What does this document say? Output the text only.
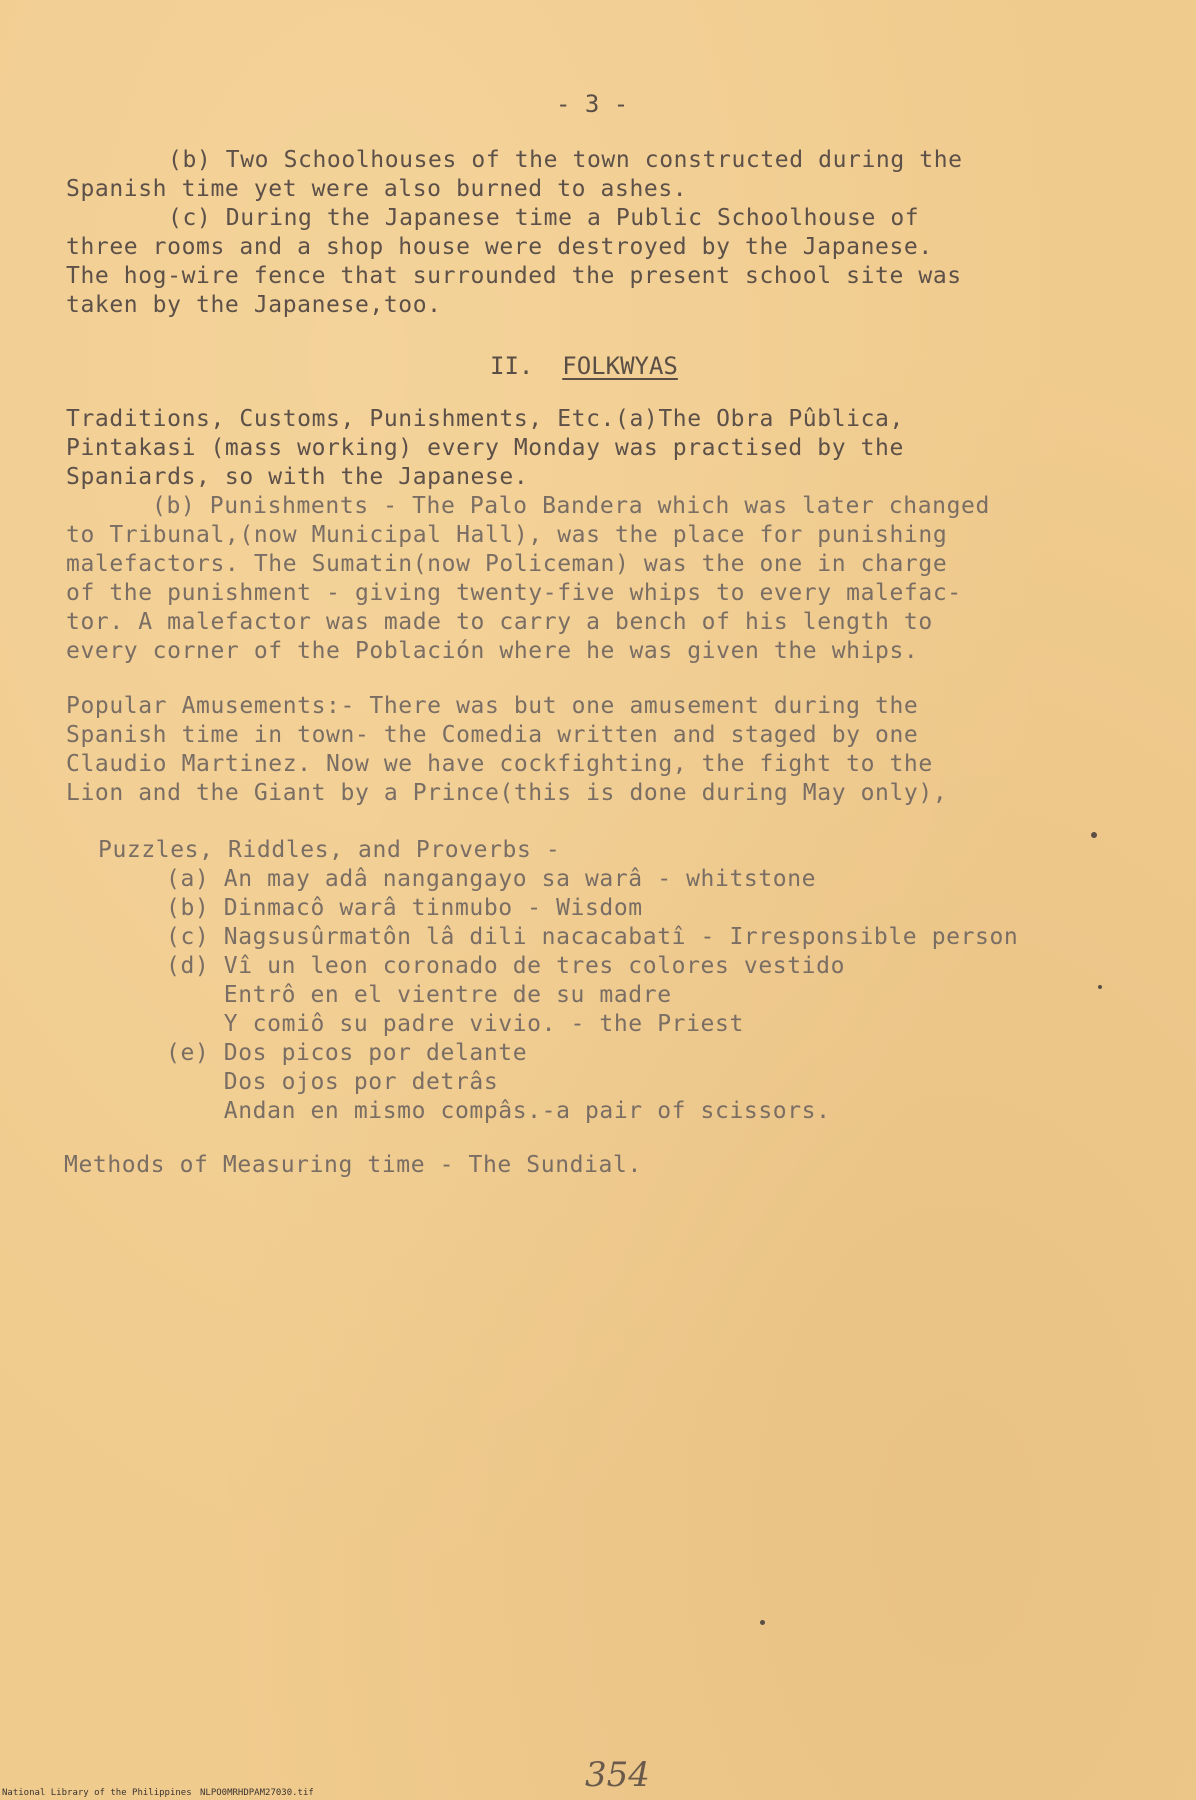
- 3 -
(b) Two Schoolhouses of the town constructed during the
Spanish time yet were also burned to ashes.
(c) During the Japanese time a Public Schoolhouse of
three rooms and a shop house were destroyed by the Japanese.
The hog-wire fence that surrounded the present school site was
taken by the Japanese,too.
II. FOLKWYAS
Traditions, Customs, Punishments, Etc.(a)The Obra Pûblica,
Pintakasi (mass working) every Monday was practised by the
Spaniards, so with the Japanese.
(b) Punishments - The Palo Bandera which was later changed
to Tribunal,(now Municipal Hall), was the place for punishing
malefactors. The Sumatin(now Policeman) was the one in charge
of the punishment - giving twenty-five whips to every malefac-
tor. A malefactor was made to carry a bench of his length to
every corner of the Población where he was given the whips.
Popular Amusements:- There was but one amusement during the
Spanish time in town- the Comedia written and staged by one
Claudio Martinez. Now we have cockfighting, the fight to the
Lion and the Giant by a Prince(this is done during May only),
Puzzles, Riddles, and Proverbs -
(a) An may adâ nangangayo sa warâ - whitstone
(b) Dinmacô warâ tinmubo - Wisdom
(c) Nagsusûrmatôn lâ dili nacacabatî - Irresponsible person
(d) Vî un leon coronado de tres colores vestido
Entrô en el vientre de su madre
Y comiô su padre vivio. - the Priest
(e) Dos picos por delante
Dos ojos por detrâs
Andan en mismo compâs.-a pair of scissors.
Methods of Measuring time - The Sundial.
354
National Library of the Philippines NLPO0MRHDPAM27030.tif
